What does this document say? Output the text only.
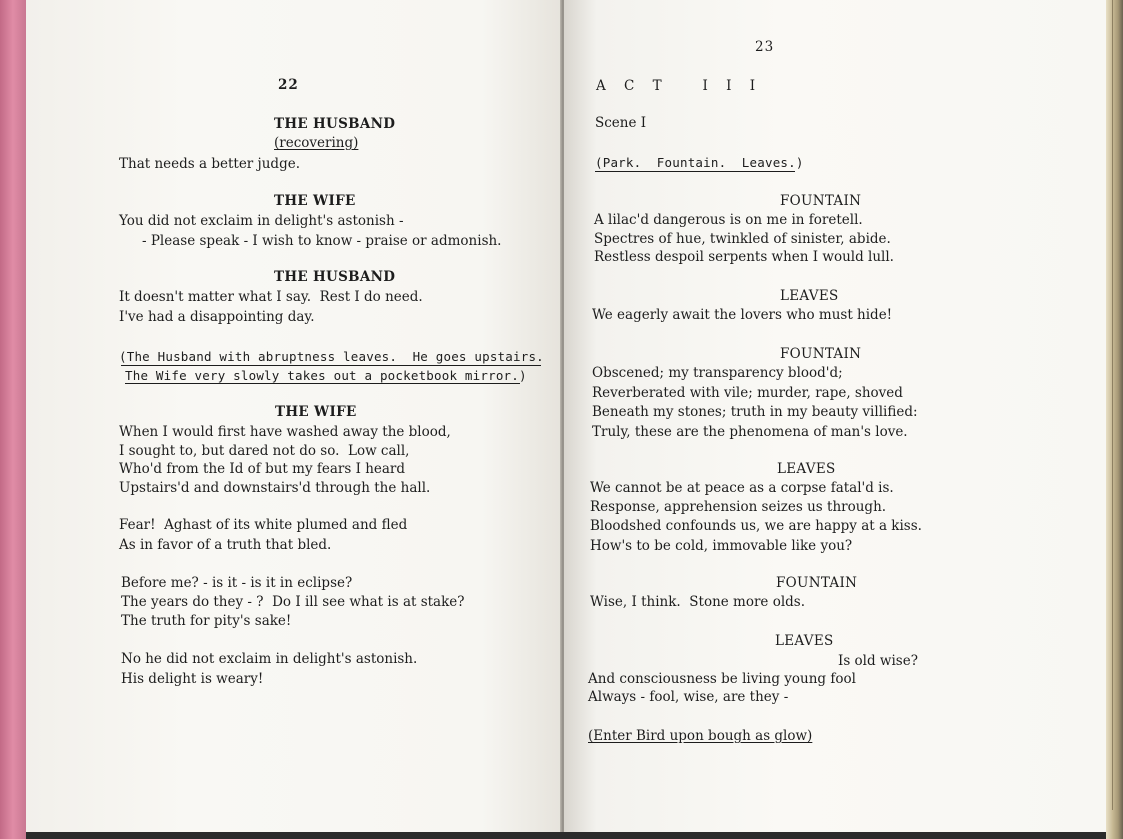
22
THE HUSBAND
(recovering)
That needs a better judge.
THE WIFE
You did not exclaim in delight's astonish -
- Please speak - I wish to know - praise or admonish.
THE HUSBAND
It doesn't matter what I say.  Rest I do need.
I've had a disappointing day.
(The Husband with abruptness leaves.  He goes upstairs.
The Wife very slowly takes out a pocketbook mirror.)
THE WIFE
When I would first have washed away the blood,
I sought to, but dared not do so.  Low call,
Who'd from the Id of but my fears I heard
Upstairs'd and downstairs'd through the hall.
Fear!  Aghast of its white plumed and fled
As in favor of a truth that bled.
Before me? - is it - is it in eclipse?
The years do they - ?  Do I ill see what is at stake?
The truth for pity's sake!
No he did not exclaim in delight's astonish.
His delight is weary!
23
A C T   I I I
Scene I
(Park.  Fountain.  Leaves.)
FOUNTAIN
A lilac'd dangerous is on me in foretell.
Spectres of hue, twinkled of sinister, abide.
Restless despoil serpents when I would lull.
LEAVES
We eagerly await the lovers who must hide!
FOUNTAIN
Obscened; my transparency blood'd;
Reverberated with vile; murder, rape, shoved
Beneath my stones; truth in my beauty villified:
Truly, these are the phenomena of man's love.
LEAVES
We cannot be at peace as a corpse fatal'd is.
Response, apprehension seizes us through.
Bloodshed confounds us, we are happy at a kiss.
How's to be cold, immovable like you?
FOUNTAIN
Wise, I think.  Stone more olds.
LEAVES
Is old wise?
And consciousness be living young fool
Always - fool, wise, are they -
(Enter Bird upon bough as glow)
